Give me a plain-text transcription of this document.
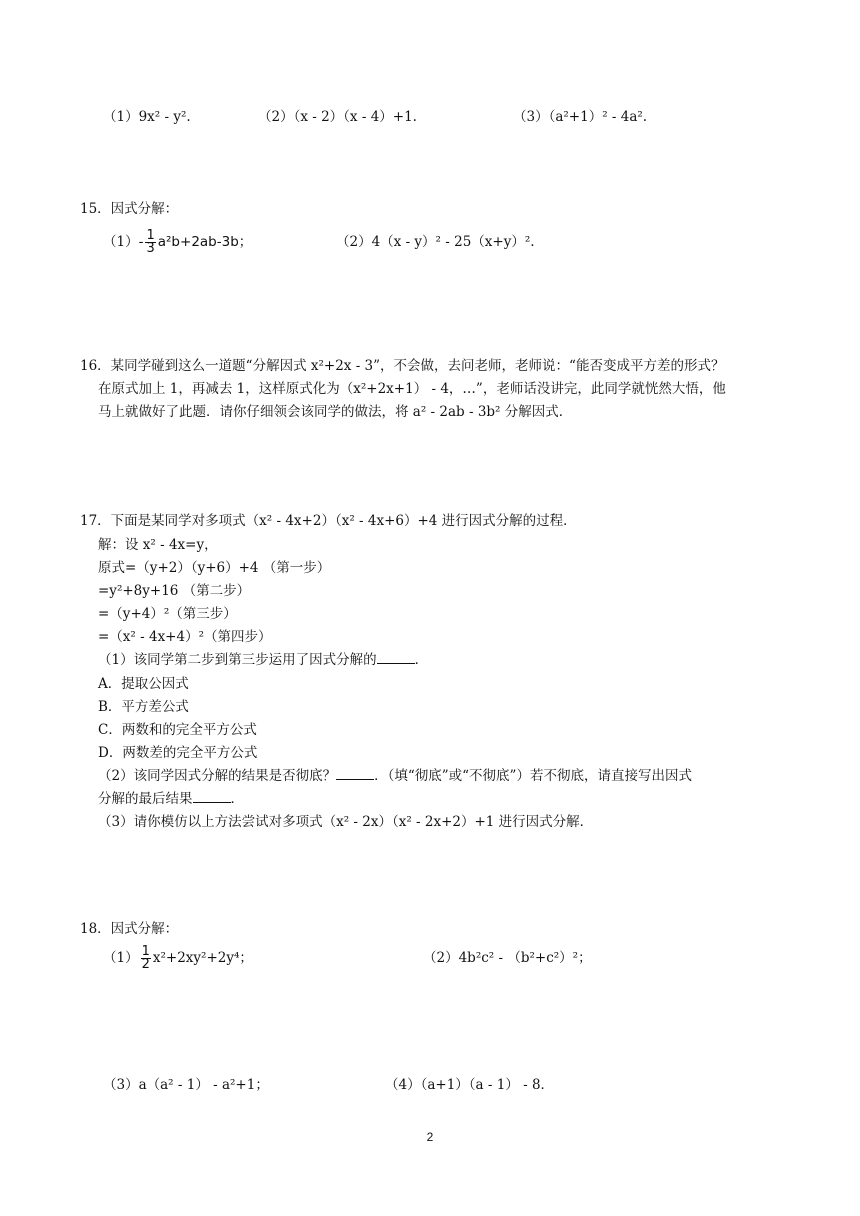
（1）9x² - y².	（2）（x - 2）（x - 4）+1.	（3）（a²+1）² - 4a².
15．因式分解：
$(1)- \frac{1}{3} a^2b+2ab-3b$；	（2）4（x - y）² - 25（x+y）².
16．某同学碰到这么一道题“分解因式 x²+2x - 3”，不会做，去问老师，老师说：“能否变成平方差的形式？
在原式加上 1，再减去 1，这样原式化为（x²+2x+1） - 4，…”，老师话没讲完，此同学就恍然大悟，他
马上就做好了此题．请你仔细领会该同学的做法，将 a² - 2ab - 3b² 分解因式．
17．下面是某同学对多项式（x² - 4x+2）（x² - 4x+6）+4 进行因式分解的过程．
解：设 x² - 4x=y，
原式=（y+2）（y+6）+4 （第一步）
=y²+8y+16 （第二步）
=（y+4）²（第三步）
=（x² - 4x+4）²（第四步）
（1）该同学第二步到第三步运用了因式分解的	．
A．提取公因式
B．平方差公式
C．两数和的完全平方公式
D．两数差的完全平方公式
（2）该同学因式分解的结果是否彻底？	．（填“彻底”或“不彻底”）若不彻底，请直接写出因式
分解的最后结果	．
（3）请你模仿以上方法尝试对多项式（x² - 2x）（x² - 2x+2）+1 进行因式分解．
18．因式分解：
$(1) \frac{1}{2} x^2+2xy^2+2y^4$；	（2）4b²c² - （b²+c²）²；
（3）a（a² - 1） - a²+1；	（4）（a+1）（a - 1） - 8．
2
